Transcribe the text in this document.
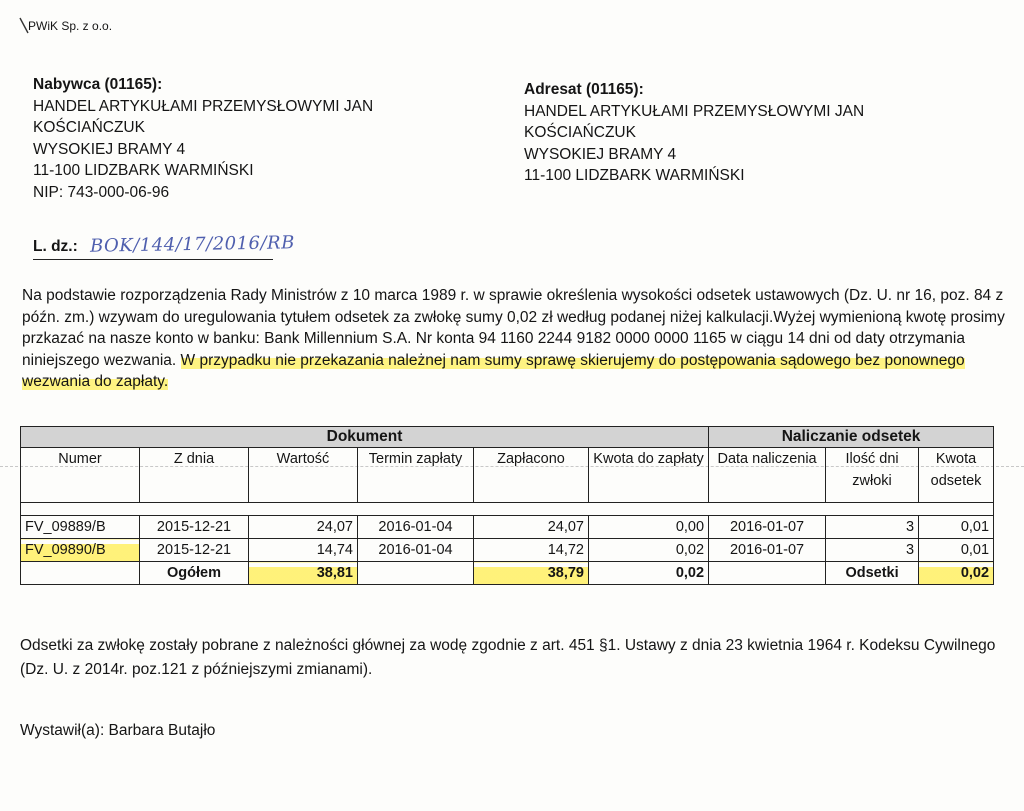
PWiK Sp. z o.o.
Nabywca (01165):
HANDEL ARTYKUŁAMI PRZEMYSŁOWYMI JAN
KOŚCIAŃCZUK
WYSOKIEJ BRAMY 4
11-100 LIDZBARK WARMIŃSKI
NIP: 743-000-06-96
Adresat (01165):
HANDEL ARTYKUŁAMI PRZEMYSŁOWYMI JAN
KOŚCIAŃCZUK
WYSOKIEJ BRAMY 4
11-100 LIDZBARK WARMIŃSKI
L. dz.: BOK/144/17/2016/RB
Na podstawie rozporządzenia Rady Ministrów z 10 marca 1989 r. w sprawie określenia wysokości odsetek ustawowych (Dz. U. nr 16, poz. 84 z późn. zm.) wzywam do uregulowania tytułem odsetek za zwłokę sumy 0,02 zł według podanej niżej kalkulacji.Wyżej wymienioną kwotę prosimy przkazać na nasze konto w banku: Bank Millennium S.A. Nr konta 94 1160 2244 9182 0000 0000 1165 w ciągu 14 dni od daty otrzymania niniejszego wezwania. W przypadku nie przekazania należnej nam sumy sprawę skierujemy do postępowania sądowego bez ponownego wezwania do zapłaty.
Dokument						Naliczanie odsetek		
Numer	Z dnia	Wartość	Termin zapłaty	Zapłacono	Kwota do zapłaty	Data naliczenia	Ilość dni zwłoki	Kwota odsetek

FV_09889/B	2015-12-21	24,07	2016-01-04	24,07	0,00	2016-01-07	3	0,01
FV_09890/B	2015-12-21	14,74	2016-01-04	14,72	0,02	2016-01-07	3	0,01
	Ogółem	38,81		38,79	0,02		Odsetki	0,02
Odsetki za zwłokę zostały pobrane z należności głównej za wodę zgodnie z art. 451 §1. Ustawy z dnia 23 kwietnia 1964 r. Kodeksu Cywilnego (Dz. U. z 2014r. poz.121 z późniejszymi zmianami).
Wystawił(a): Barbara Butajło
